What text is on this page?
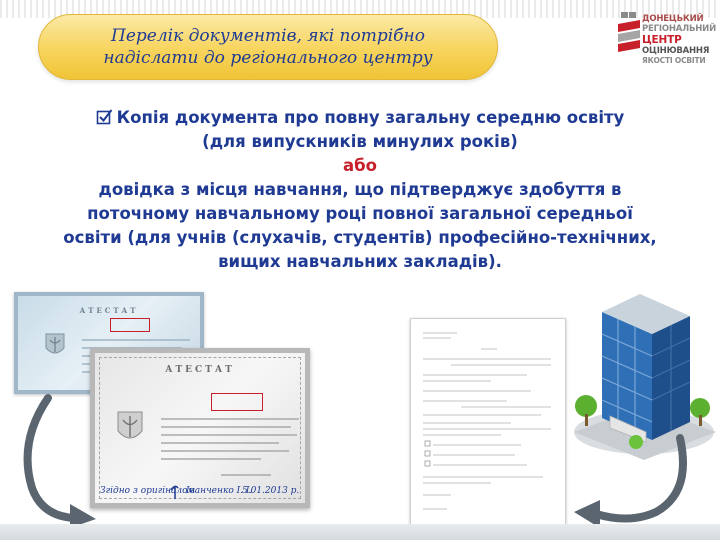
Перелік документів, які потрібно
надіслати до регіонального центру
ДОНЕЦЬКИЙ
РЕГІОНАЛЬНИЙ
ЦЕНТР
ОЦІНЮВАННЯ
ЯКОСТІ ОСВІТИ
Копія документа про повну загальну середню освіту
(для випускників минулих років)
або
довідка з місця навчання, що підтверджує здобуття в
поточному навчальному році повної загальної середньої
освіти (для учнів (слухачів, студентів) професійно-технічних,
вищих навчальних закладів).
АТЕСТАТ
АТЕСТАТ
Згідно з оригіналом
Іванченко І. І.
5.01.2013 р.
